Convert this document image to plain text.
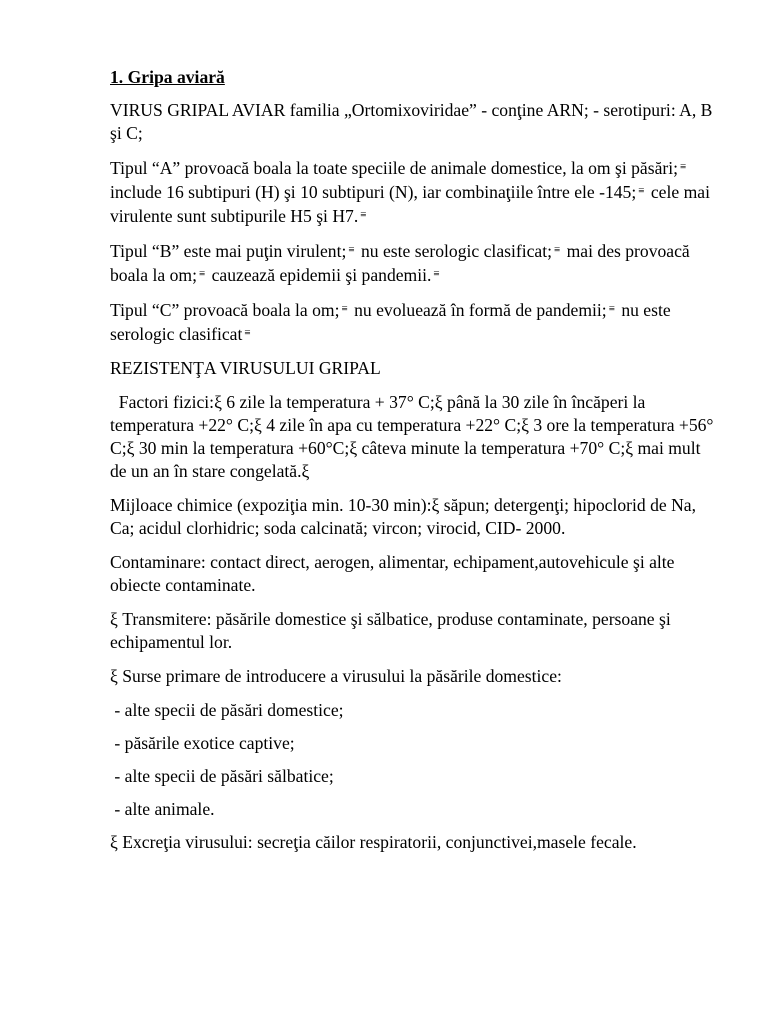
1. Gripa aviară

VIRUS GRIPAL AVIAR familia „Ortomixoviridae” - conţine ARN; - serotipuri: A, B şi C;

Tipul “A” provoacă boala la toate speciile de animale domestice, la om şi păsări; ≡ include 16 subtipuri (H) şi 10 subtipuri (N), iar combinaţiile între ele -145; ≡ cele mai virulente sunt subtipurile H5 şi H7. ≡

Tipul “B” este mai puţin virulent; ≡ nu este serologic clasificat; ≡ mai des provoacă boala la om; ≡ cauzează epidemii şi pandemii. ≡

Tipul “C” provoacă boala la om; ≡ nu evoluează în formă de pandemii; ≡ nu este serologic clasificat ≡

REZISTENŢA VIRUSULUI GRIPAL

Factori fizici:ξ 6 zile la temperatura + 37° C;ξ până la 30 zile în încăperi la temperatura +22° C;ξ 4 zile în apa cu temperatura +22° C;ξ 3 ore la temperatura +56° C;ξ 30 min la temperatura +60°C;ξ câteva minute la temperatura +70° C;ξ mai mult de un an în stare congelată.ξ

Mijloace chimice (expoziţia min. 10-30 min):ξ săpun; detergenţi; hipoclorid de Na, Ca; acidul clorhidric; soda calcinată; vircon; virocid, CID- 2000.

Contaminare: contact direct, aerogen, alimentar, echipament,autovehicule şi alte obiecte contaminate.

ξ Transmitere: păsările domestice şi sălbatice, produse contaminate, persoane şi echipamentul lor.

ξ Surse primare de introducere a virusului la păsările domestice:

- alte specii de păsări domestice;

- păsările exotice captive;

- alte specii de păsări sălbatice;

- alte animale.

ξ Excreţia virusului: secreţia căilor respiratorii, conjunctivei,masele fecale.
